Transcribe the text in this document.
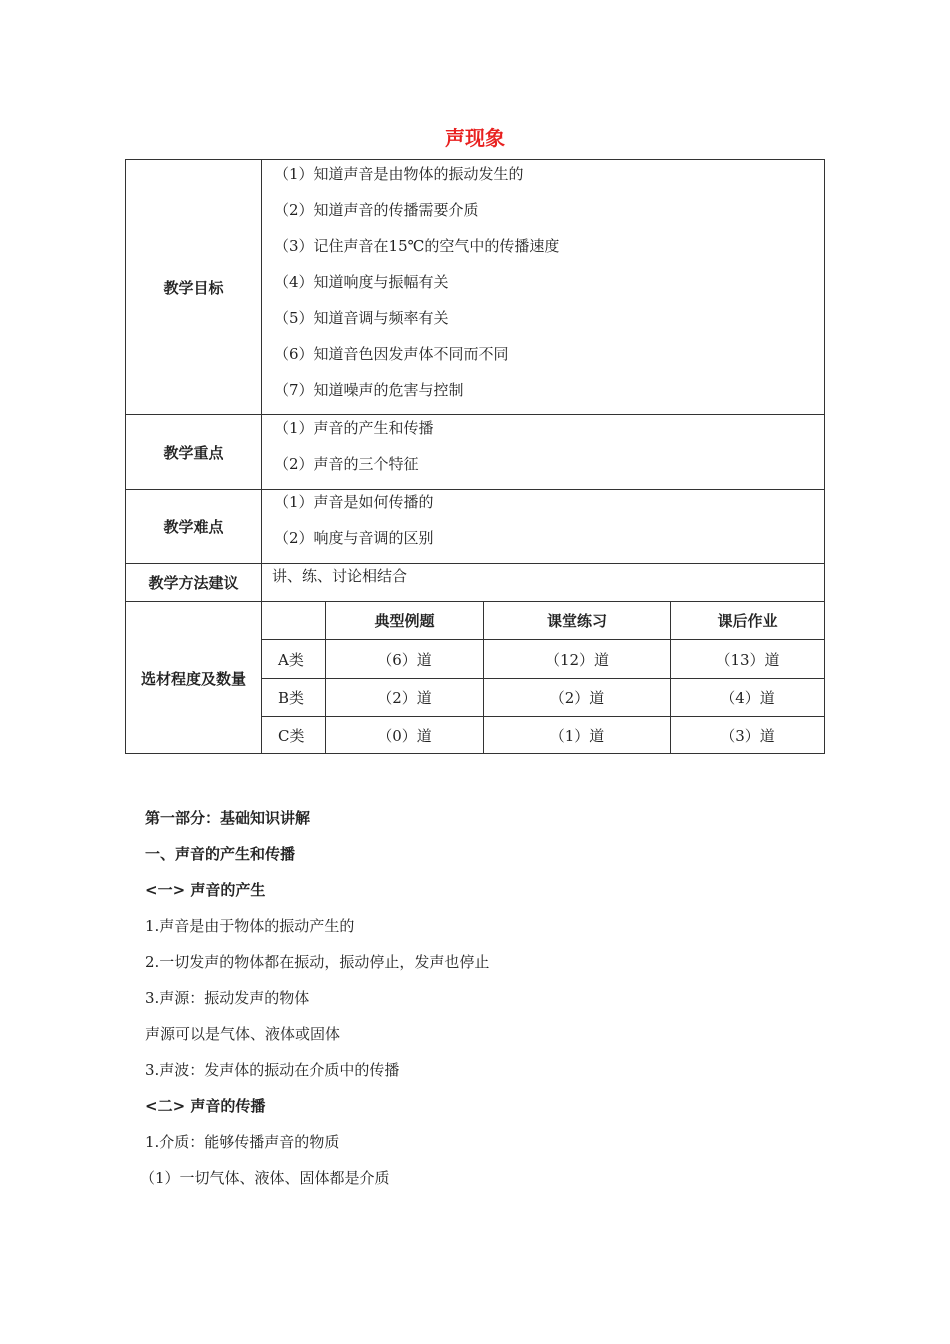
声现象
教学目标
（1）知道声音是由物体的振动发生的
（2）知道声音的传播需要介质
（3）记住声音在15℃的空气中的传播速度
（4）知道响度与振幅有关
（5）知道音调与频率有关
（6）知道音色因发声体不同而不同
（7）知道噪声的危害与控制
教学重点
（1）声音的产生和传播
（2）声音的三个特征
教学难点
（1）声音是如何传播的
（2）响度与音调的区别
教学方法建议	讲、练、讨论相结合
选材程度及数量
典型例题	课堂练习	课后作业
A类	（6）道	（12）道	（13）道
B类	（2）道	（2）道	（4）道
C类	（0）道	（1）道	（3）道
第一部分：基础知识讲解
一、声音的产生和传播
<一> 声音的产生
1.声音是由于物体的振动产生的
2.一切发声的物体都在振动，振动停止，发声也停止
3.声源：振动发声的物体
声源可以是气体、液体或固体
3.声波：发声体的振动在介质中的传播
<二> 声音的传播
1.介质：能够传播声音的物质
（1）一切气体、液体、固体都是介质
